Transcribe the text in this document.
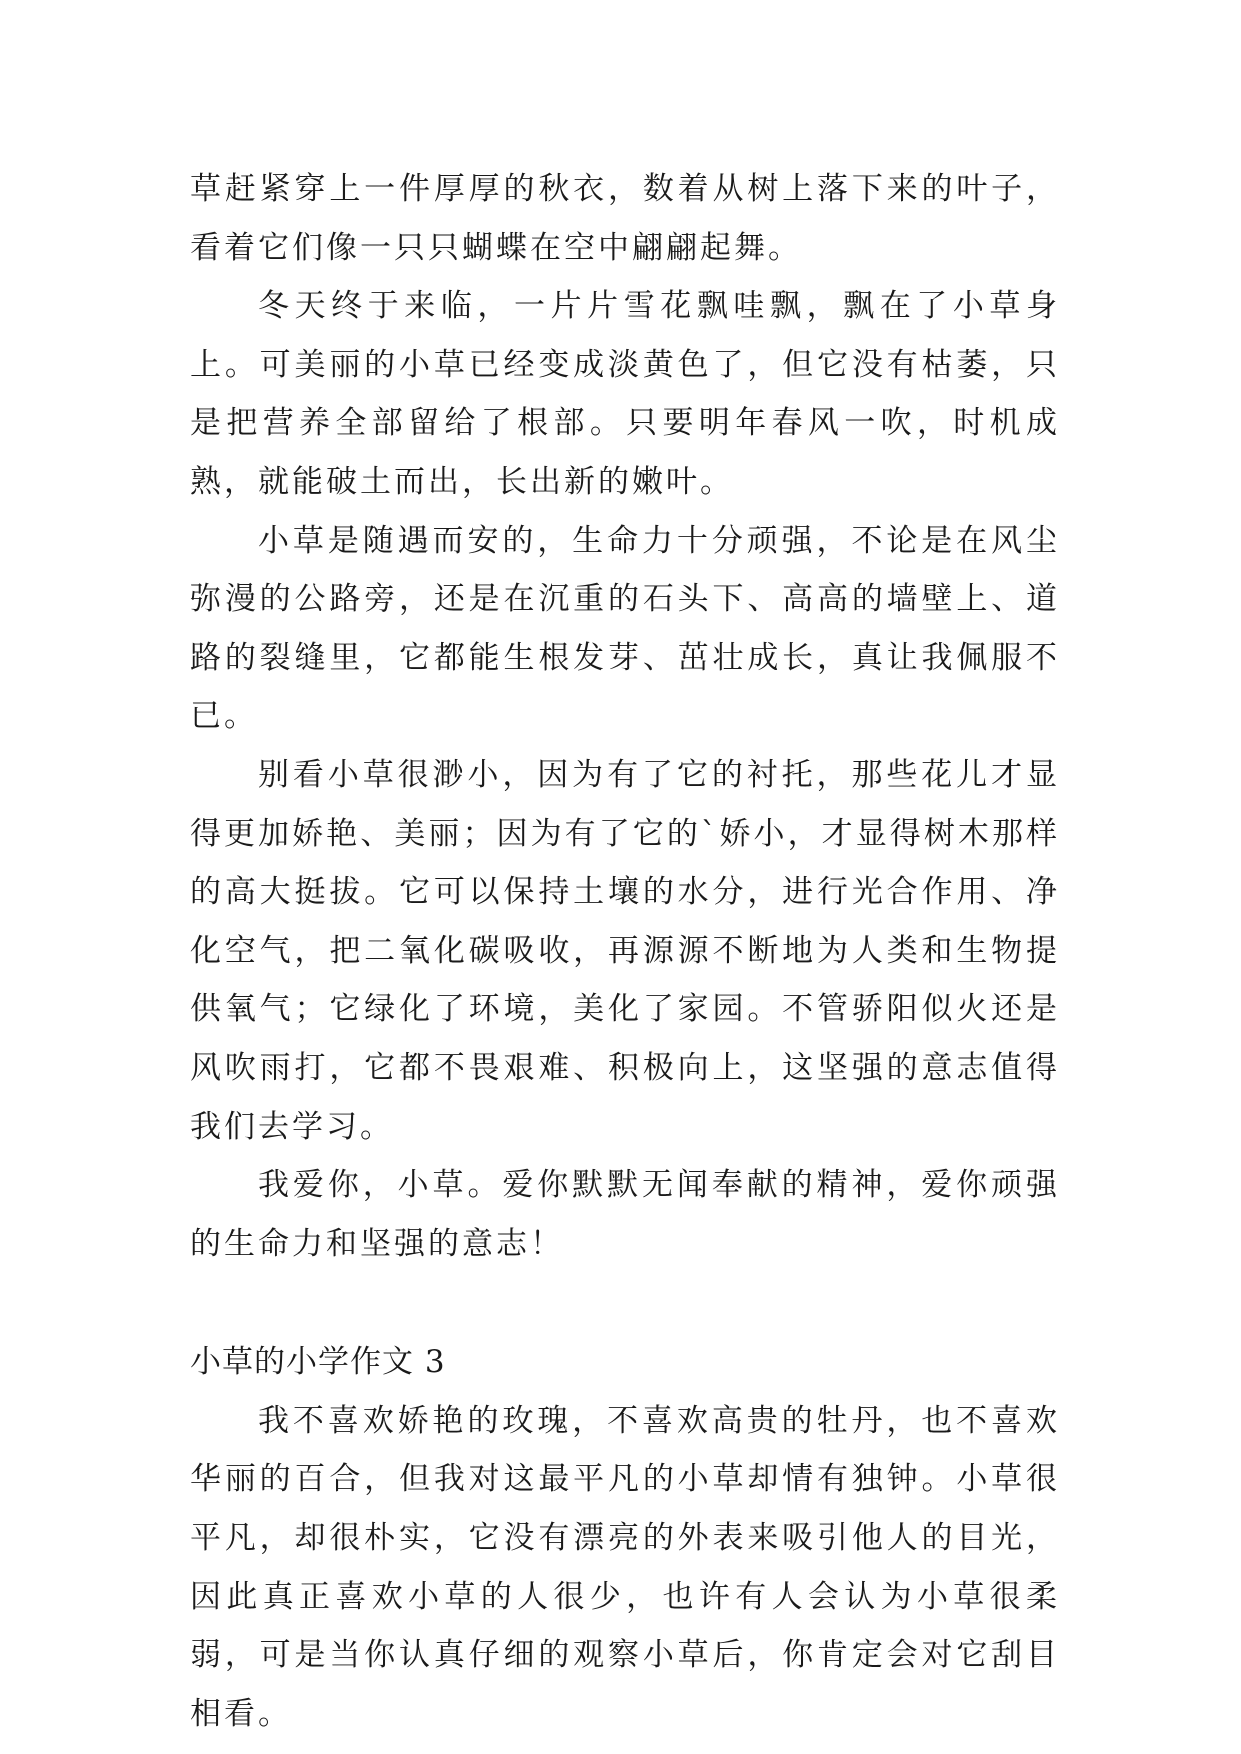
草赶紧穿上一件厚厚的秋衣，数着从树上落下来的叶子，看着它们像一只只蝴蝶在空中翩翩起舞。

冬天终于来临，一片片雪花飘哇飘，飘在了小草身上。可美丽的小草已经变成淡黄色了，但它没有枯萎，只是把营养全部留给了根部。只要明年春风一吹，时机成熟，就能破土而出，长出新的嫩叶。

小草是随遇而安的，生命力十分顽强，不论是在风尘弥漫的公路旁，还是在沉重的石头下、高高的墙壁上、道路的裂缝里，它都能生根发芽、茁壮成长，真让我佩服不已。

别看小草很渺小，因为有了它的衬托，那些花儿才显得更加娇艳、美丽；因为有了它的`娇小，才显得树木那样的高大挺拔。它可以保持土壤的水分，进行光合作用、净化空气，把二氧化碳吸收，再源源不断地为人类和生物提供氧气；它绿化了环境，美化了家园。不管骄阳似火还是风吹雨打，它都不畏艰难、积极向上，这坚强的意志值得我们去学习。

我爱你，小草。爱你默默无闻奉献的精神，爱你顽强的生命力和坚强的意志！

小草的小学作文 3

我不喜欢娇艳的玫瑰，不喜欢高贵的牡丹，也不喜欢华丽的百合，但我对这最平凡的小草却情有独钟。小草很平凡，却很朴实，它没有漂亮的外表来吸引他人的目光，因此真正喜欢小草的人很少，也许有人会认为小草很柔弱，可是当你认真仔细的观察小草后，你肯定会对它刮目相看。
